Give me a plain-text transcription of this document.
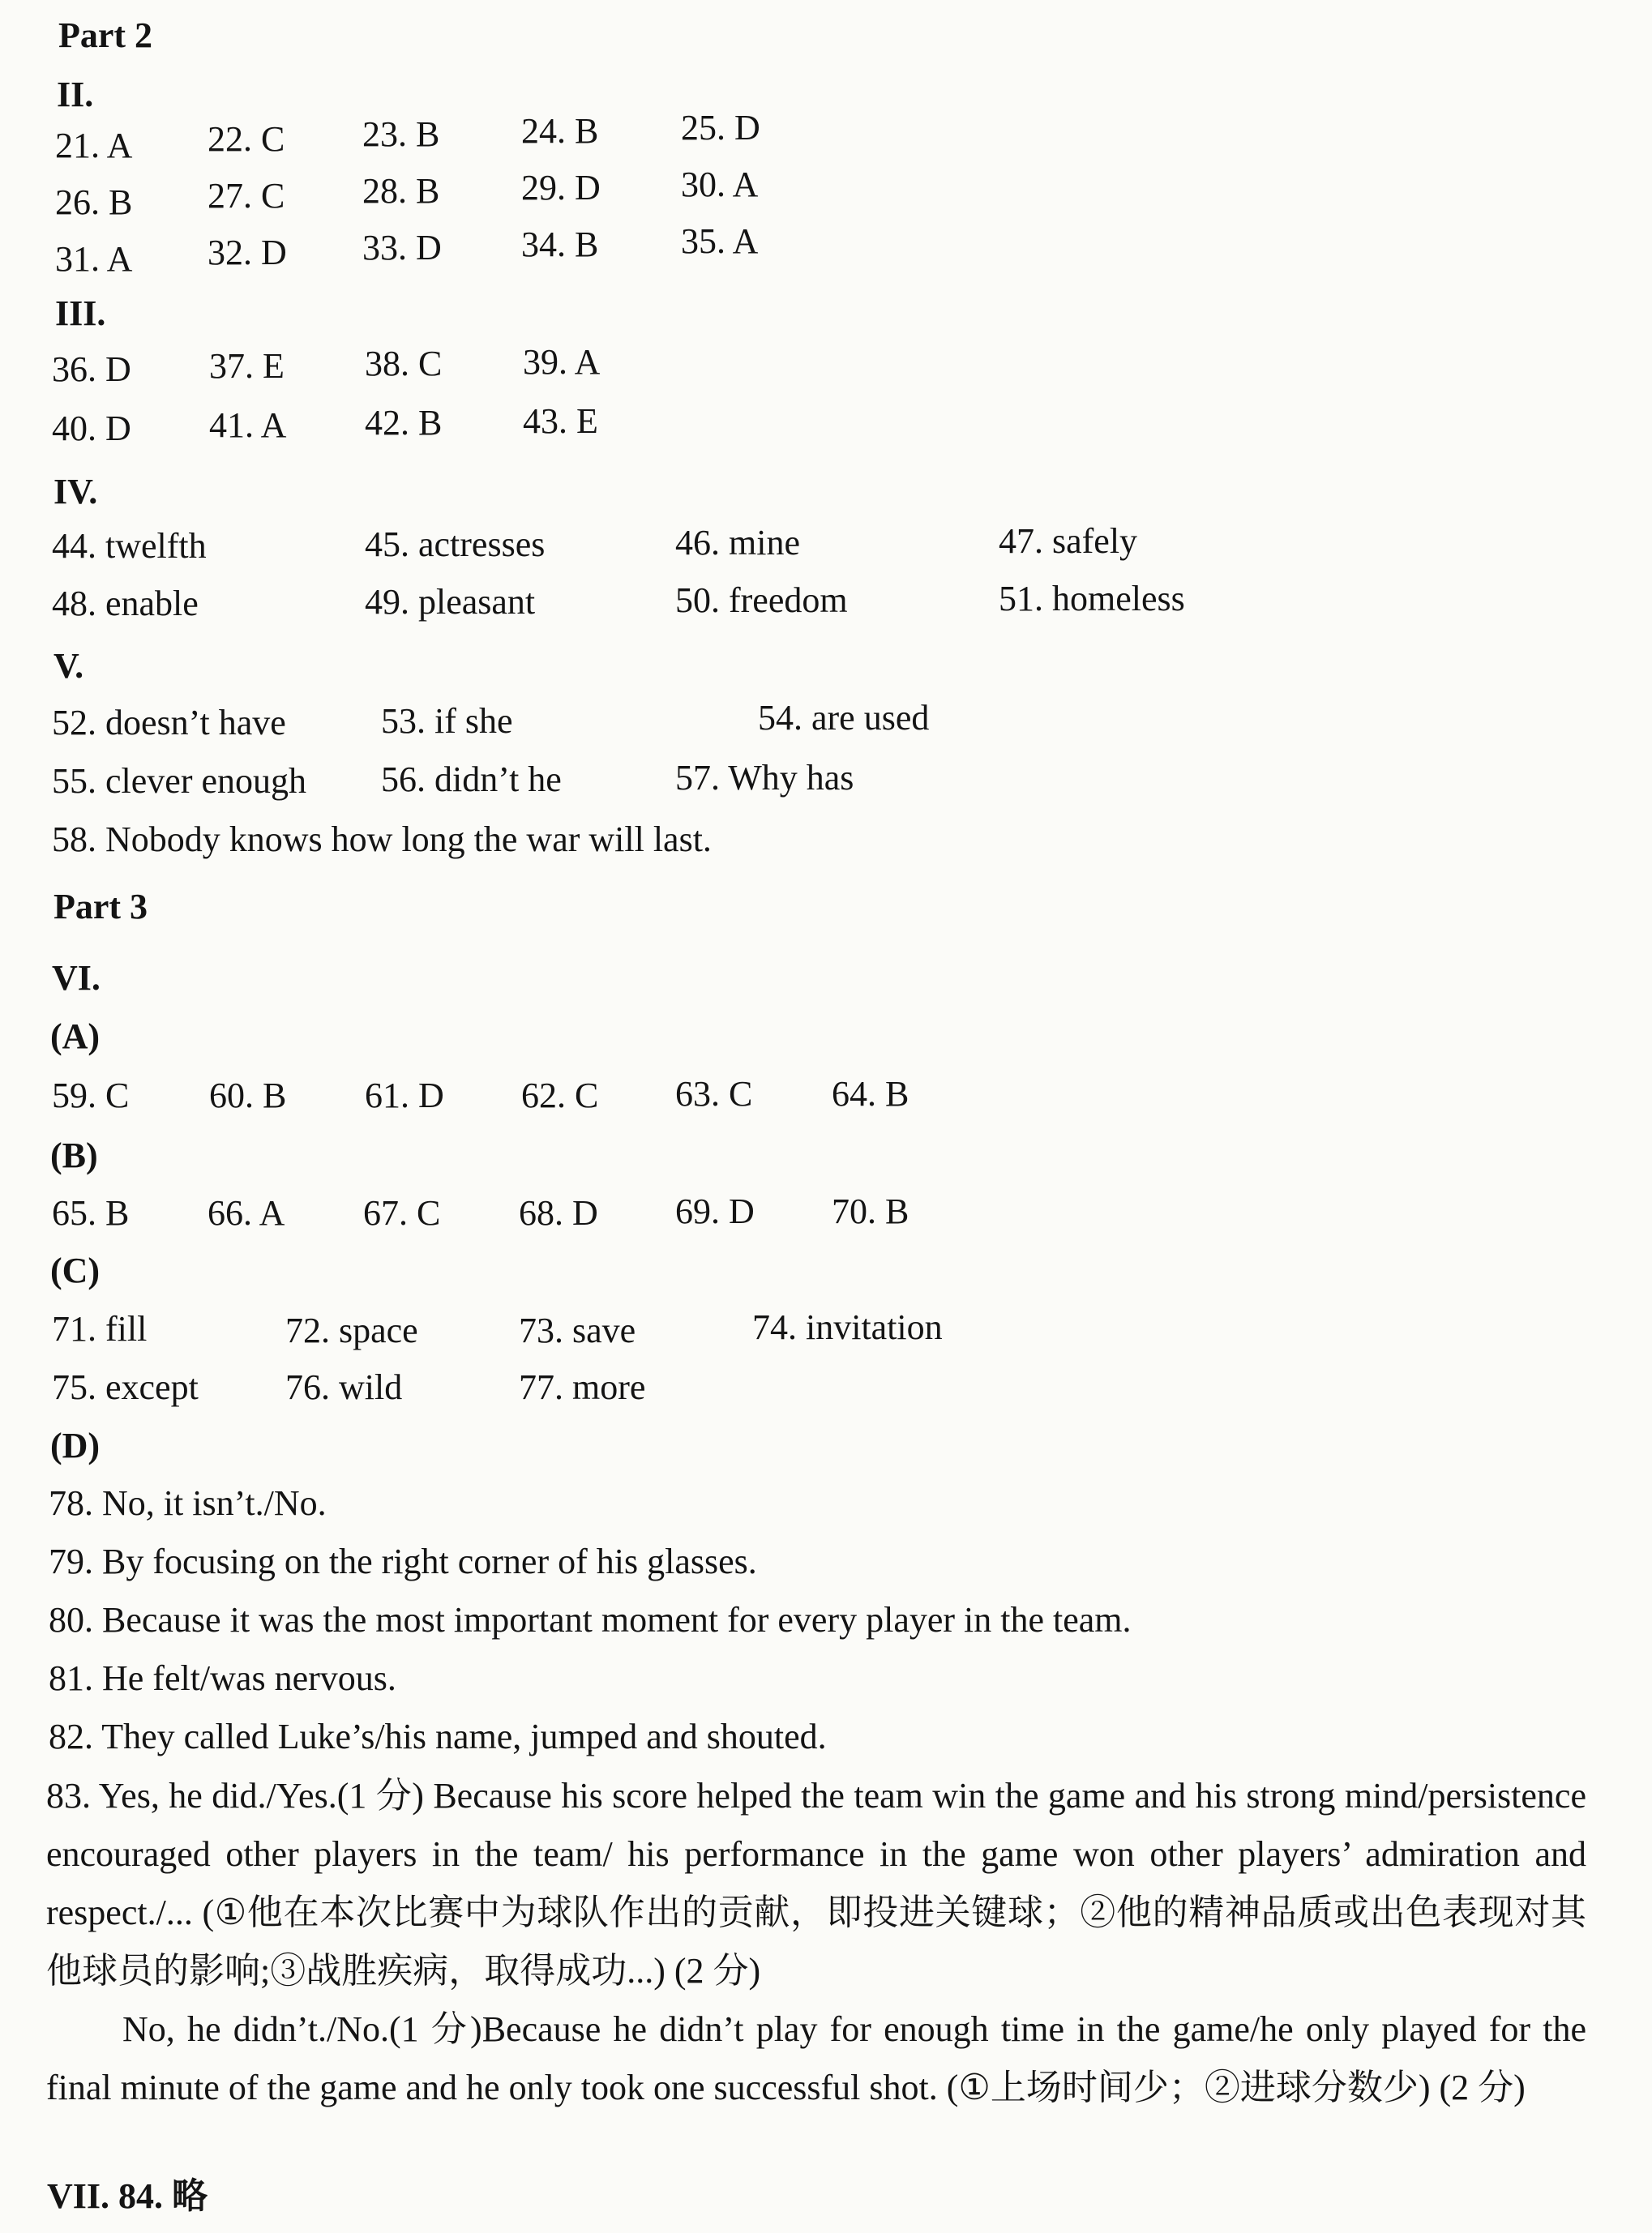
Part 2
II.
21. A 22. C 23. B 24. B 25. D
26. B 27. C 28. B 29. D 30. A
31. A 32. D 33. D 34. B 35. A
III.
36. D 37. E 38. C 39. A
40. D 41. A 42. B 43. E
IV.
44. twelfth	45. actresses	46. mine	47. safely
48. enable	49. pleasant	50. freedom	51. homeless
V.
52. doesn’t have	53. if she	54. are used
55. clever enough 56. didn’t he	57. Why has
58. Nobody knows how long the war will last.
Part 3
VI.
(A)
59. C 60. B 61. D 62. C 63. C 64. B
(B)
65. B 66. A 67. C 68. D 69. D 70. B
(C)
71. fill	72. space	73. save	74. invitation
75. except 76. wild	77. more
(D)
78. No, it isn’t./No.
79. By focusing on the right corner of his glasses.
80. Because it was the most important moment for every player in the team.
81. He felt/was nervous.
82. They called Luke’s/his name, jumped and shouted.

83. Yes, he did./Yes.(1 分) Because his score helped the team win the game and his strong mind/persistence encouraged other players in the team/ his performance in the game won other players’ admiration and respect./... (①他在本次比赛中为球队作出的贡献，即投进关键球；②他的精神品质或出色表现对其他球员的影响;③战胜疾病，取得成功...) (2 分)

No, he didn’t./No.(1 分)Because he didn’t play for enough time in the game/he only played for the final minute of the game and he only took one successful shot. (①上场时间少；②进球分数少) (2 分)

VII. 84. 略
